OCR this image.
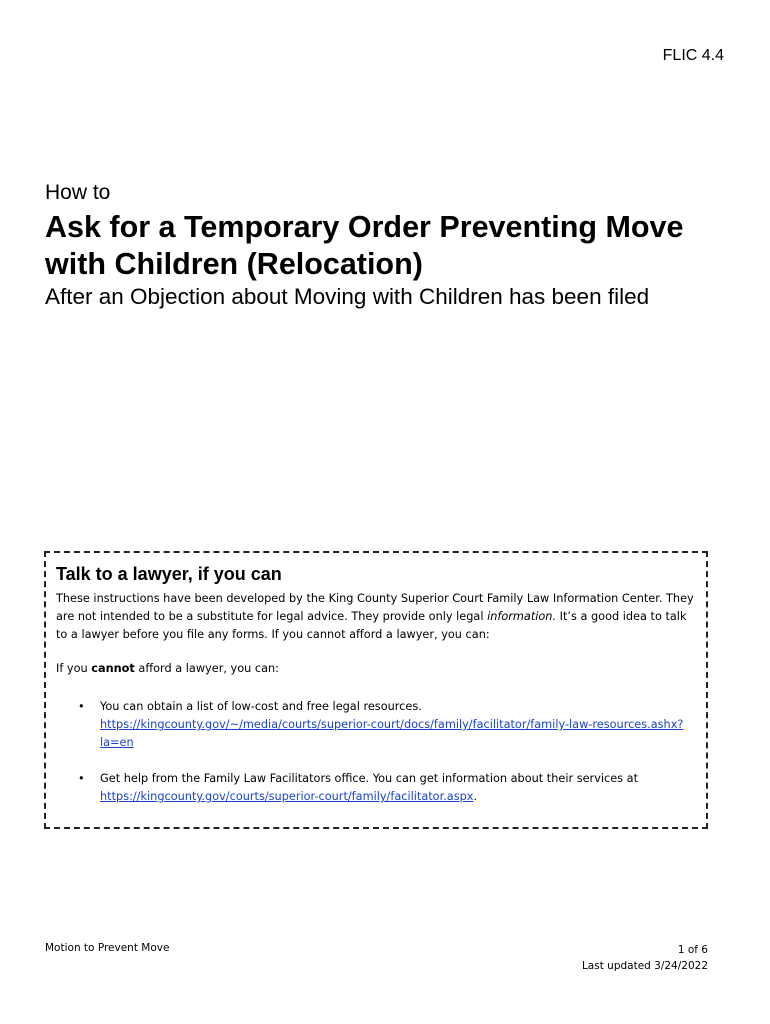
FLIC 4.4
How to
Ask for a Temporary Order Preventing Move with Children (Relocation)
After an Objection about Moving with Children has been filed
Talk to a lawyer, if you can

These instructions have been developed by the King County Superior Court Family Law Information Center. They are not intended to be a substitute for legal advice. They provide only legal information. It’s a good idea to talk to a lawyer before you file any forms. If you cannot afford a lawyer, you can:

If you cannot afford a lawyer, you can:

• You can obtain a list of low-cost and free legal resources.
https://kingcounty.gov/~/media/courts/superior-court/docs/family/facilitator/family-law-resources.ashx?la=en
• Get help from the Family Law Facilitators office. You can get information about their services at
https://kingcounty.gov/courts/superior-court/family/facilitator.aspx.
Motion to Prevent Move	1 of 6
Last updated 3/24/2022
